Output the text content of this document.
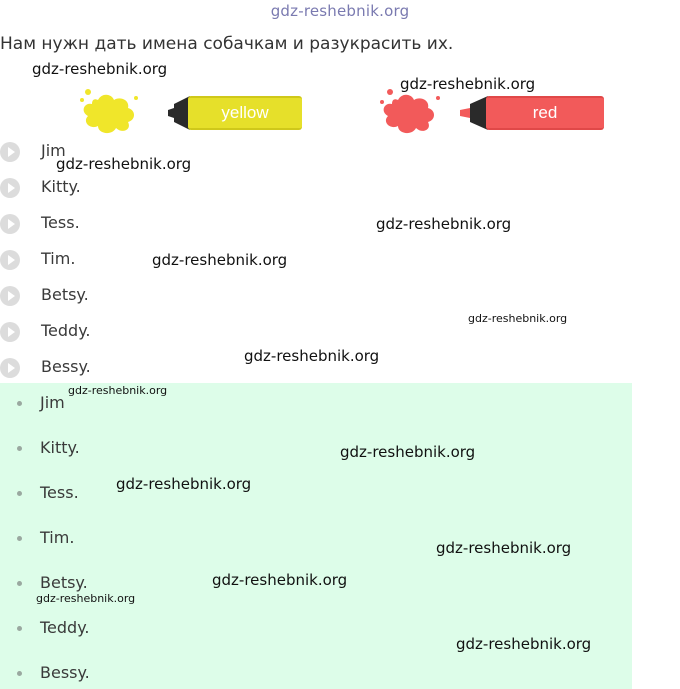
gdz-reshebnik.org
Нам нужн дать имена собачкам и разукрасить их.
yellow	red
Jim
Kitty.
Tess.
Tim.
Betsy.
Teddy.
Bessy.
Jim
Kitty.
Tess.
Tim.
Betsy.
Teddy.
Bessy.
gdz-reshebnik.org
gdz-reshebnik.org
gdz-reshebnik.org
gdz-reshebnik.org
gdz-reshebnik.org
gdz-reshebnik.org
gdz-reshebnik.org
gdz-reshebnik.org
gdz-reshebnik.org
gdz-reshebnik.org
gdz-reshebnik.org
gdz-reshebnik.org
gdz-reshebnik.org
gdz-reshebnik.org
